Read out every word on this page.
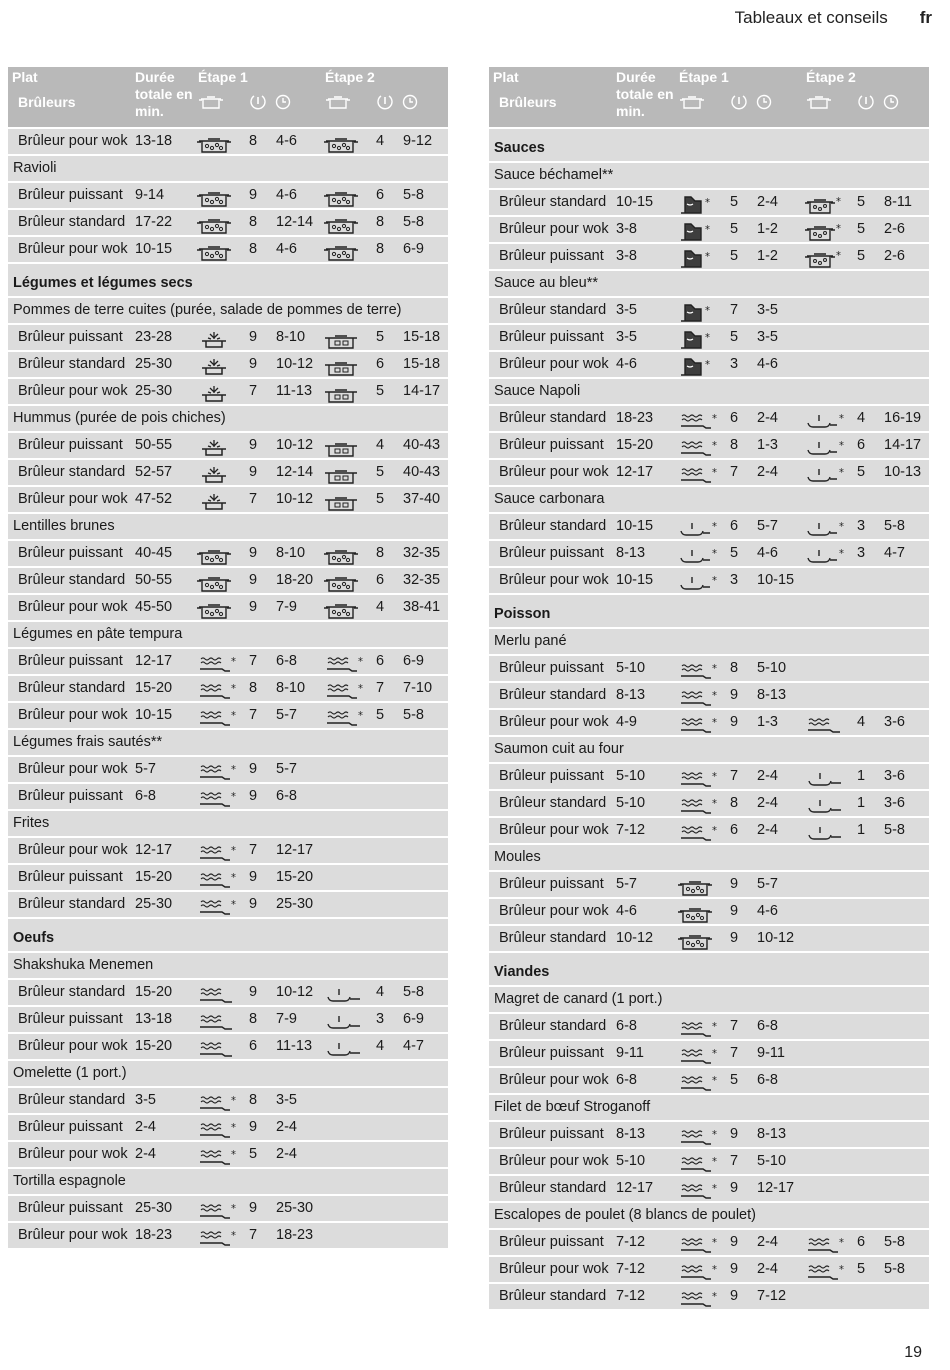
Tableaux et conseils fr
Plat
Brûleurs
Durée totale en min.
Étape 1	Étape 2
Brûleur pour wok 13-18	8 4-6	4 9-12
Ravioli
Brûleur puissant 9-14	9 4-6	6 5-8
Brûleur standard 17-22	8 12-14	8 5-8
Brûleur pour wok 10-15	8 4-6	8 6-9
Légumes et légumes secs
Pommes de terre cuites (purée, salade de pommes de terre)
Brûleur puissant 23-28	9 8-10	5 15-18
Brûleur standard 25-30	9 10-12	6 15-18
Brûleur pour wok 25-30	7 11-13	5 14-17
Hummus (purée de pois chiches)
Brûleur puissant 50-55	9 10-12	4 40-43
Brûleur standard 52-57	9 12-14	5 40-43
Brûleur pour wok 47-52	7 10-12	5 37-40
Lentilles brunes
Brûleur puissant 40-45	9 8-10	8 32-35
Brûleur standard 50-55	9 18-20	6 32-35
Brûleur pour wok 45-50	9 7-9	4 38-41
Légumes en pâte tempura
Brûleur puissant 12-17	* 7 6-8	* 6 6-9
Brûleur standard 15-20	* 8 8-10	* 7 7-10
Brûleur pour wok 10-15	* 7 5-7	* 5 5-8
Légumes frais sautés**
Brûleur pour wok 5-7	* 9 5-7
Brûleur puissant 6-8	* 9 6-8
Frites
Brûleur pour wok 12-17	* 7 12-17
Brûleur puissant 15-20	* 9 15-20
Brûleur standard 25-30	* 9 25-30
Oeufs
Shakshuka Menemen
Brûleur standard 15-20	9 10-12	4 5-8
Brûleur puissant 13-18	8 7-9	3 6-9
Brûleur pour wok 15-20	6 11-13	4 4-7
Omelette (1 port.)
Brûleur standard 3-5	* 8 3-5
Brûleur puissant 2-4	* 9 2-4
Brûleur pour wok 2-4	* 5 2-4
Tortilla espagnole
Brûleur puissant 25-30	* 9 25-30
Brûleur pour wok 18-23	* 7 18-23
Plat
Brûleurs
Durée totale en min.
Étape 1	Étape 2
Sauces
Sauce béchamel**
Brûleur standard 10-15	* 5 2-4	* 5 8-11
Brûleur pour wok 3-8	* 5 1-2	* 5 2-6
Brûleur puissant 3-8	* 5 1-2	* 5 2-6
Sauce au bleu**
Brûleur standard 3-5	* 7 3-5
Brûleur puissant 3-5	* 5 3-5
Brûleur pour wok 4-6	* 3 4-6
Sauce Napoli
Brûleur standard 18-23	* 6 2-4	* 4 16-19
Brûleur puissant 15-20	* 8 1-3	* 6 14-17
Brûleur pour wok 12-17	* 7 2-4	* 5 10-13
Sauce carbonara
Brûleur standard 10-15	* 6 5-7	* 3 5-8
Brûleur puissant 8-13	* 5 4-6	* 3 4-7
Brûleur pour wok 10-15	* 3 10-15
Poisson
Merlu pané
Brûleur puissant 5-10	* 8 5-10
Brûleur standard 8-13	* 9 8-13
Brûleur pour wok 4-9	* 9 1-3	4 3-6
Saumon cuit au four
Brûleur puissant 5-10	* 7 2-4	1 3-6
Brûleur standard 5-10	* 8 2-4	1 3-6
Brûleur pour wok 7-12	* 6 2-4	1 5-8
Moules
Brûleur puissant 5-7	9 5-7
Brûleur pour wok 4-6	9 4-6
Brûleur standard 10-12	9 10-12
Viandes
Magret de canard (1 port.)
Brûleur standard 6-8	* 7 6-8
Brûleur puissant 9-11	* 7 9-11
Brûleur pour wok 6-8	* 5 6-8
Filet de bœuf Stroganoff
Brûleur puissant 8-13	* 9 8-13
Brûleur pour wok 5-10	* 7 5-10
Brûleur standard 12-17	* 9 12-17
Escalopes de poulet (8 blancs de poulet)
Brûleur puissant 7-12	* 9 2-4	* 6 5-8
Brûleur pour wok 7-12	* 9 2-4	* 5 5-8
Brûleur standard 7-12	* 9 7-12
19
